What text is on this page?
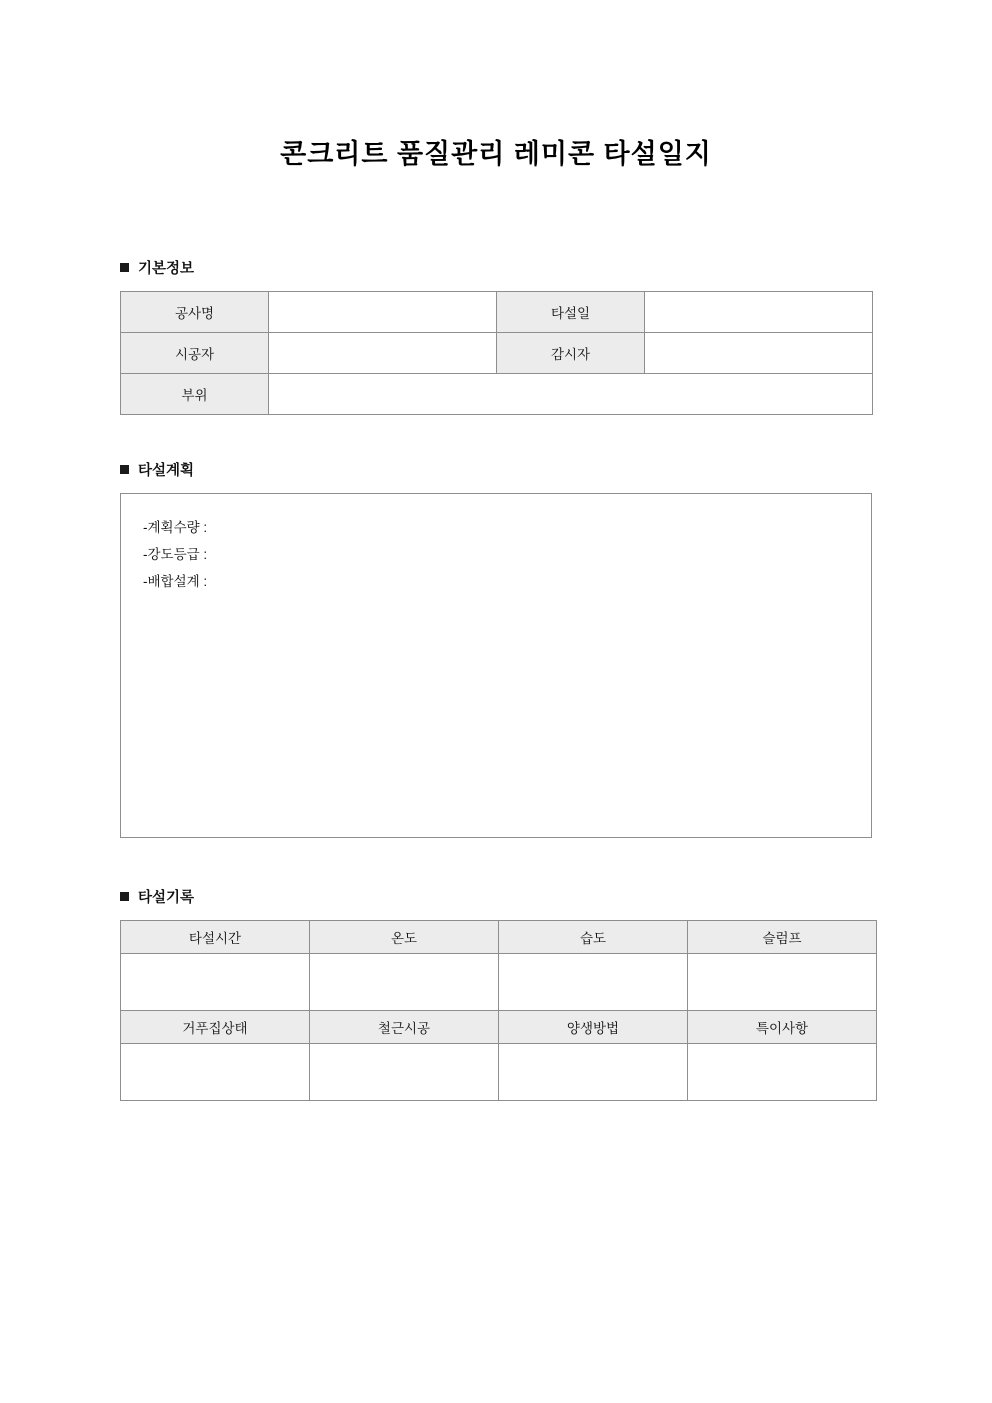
콘크리트 품질관리 레미콘 타설일지
기본정보
공사명		타설일	
시공자		감시자	
부위			
타설계획
-계획수량 :
-강도등급 :
-배합설계 :
타설기록
타설시간	온도	습도	슬럼프

거푸집상태	철근시공	양생방법	특이사항
